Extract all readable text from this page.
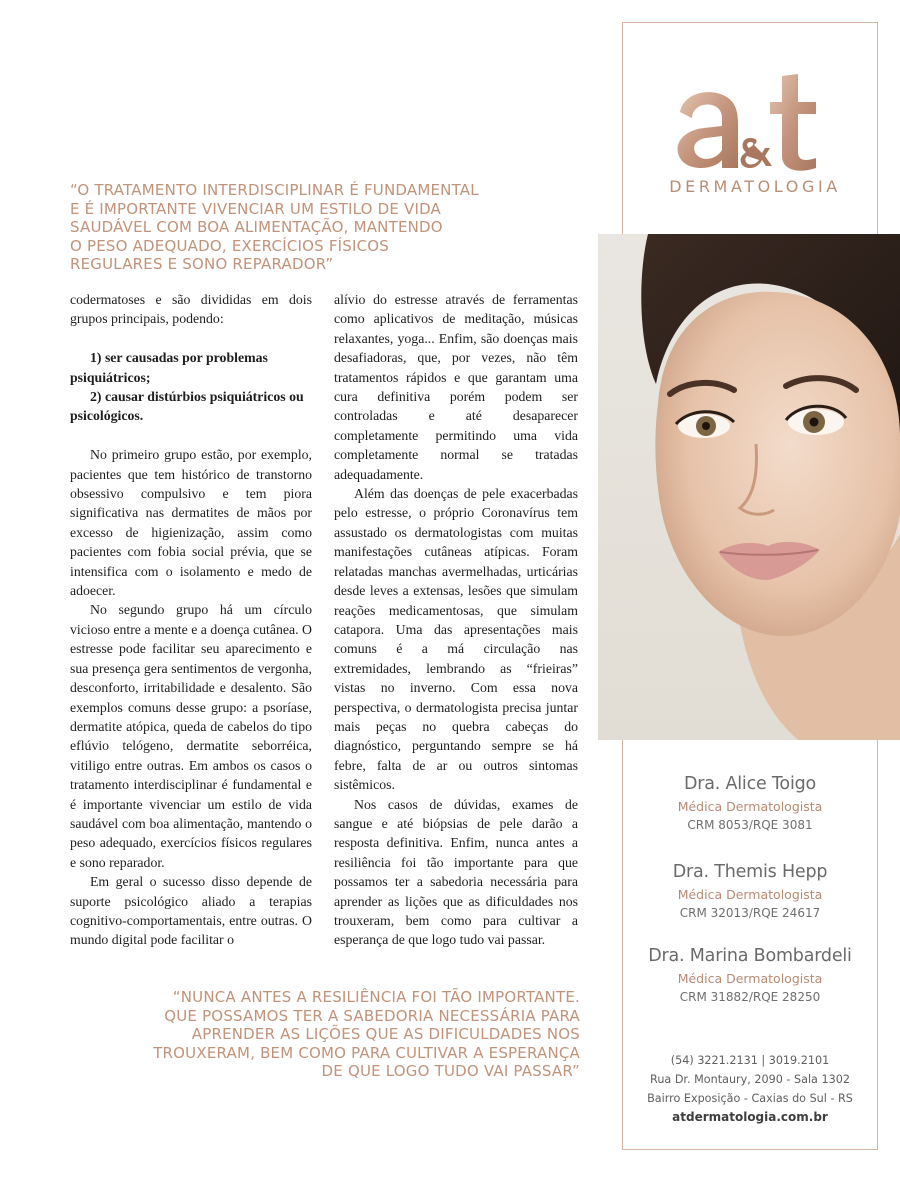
“O TRATAMENTO INTERDISCIPLINAR É FUNDAMENTAL
E É IMPORTANTE VIVENCIAR UM ESTILO DE VIDA
SAUDÁVEL COM BOA ALIMENTAÇÃO, MANTENDO
O PESO ADEQUADO, EXERCÍCIOS FÍSICOS
REGULARES E SONO REPARADOR”

codermatoses e são divididas em dois grupos principais, podendo:

1) ser causadas por problemas psiquiátricos;

2) causar distúrbios psiquiátricos ou psicológicos.

No primeiro grupo estão, por exemplo, pacientes que tem histórico de transtorno obsessivo compulsivo e tem piora significativa nas dermatites de mãos por excesso de higienização, assim como pacientes com fobia social prévia, que se intensifica com o isolamento e medo de adoecer.

No segundo grupo há um círculo vicioso entre a mente e a doença cutânea. O estresse pode facilitar seu aparecimento e sua presença gera sentimentos de vergonha, desconforto, irritabilidade e desalento. São exemplos comuns desse grupo: a psoríase, dermatite atópica, queda de cabelos do tipo eflúvio telógeno, dermatite seborréica, vitiligo entre outras. Em ambos os casos o tratamento interdisciplinar é fundamental e é importante vivenciar um estilo de vida saudável com boa alimentação, mantendo o peso adequado, exercícios físicos regulares e sono reparador.

Em geral o sucesso disso depende de suporte psicológico aliado a terapias cognitivo-comportamentais, entre outras. O mundo digital pode facilitar o

alívio do estresse através de ferramentas como aplicativos de meditação, músicas relaxantes, yoga... Enfim, são doenças mais desafiadoras, que, por vezes, não têm tratamentos rápidos e que garantam uma cura definitiva porém podem ser controladas e até desaparecer completamente permitindo uma vida completamente normal se tratadas adequadamente.

Além das doenças de pele exacerbadas pelo estresse, o próprio Coronavírus tem assustado os dermatologistas com muitas manifestações cutâneas atípicas. Foram relatadas manchas avermelhadas, urticárias desde leves a extensas, lesões que simulam reações medicamentosas, que simulam catapora. Uma das apresentações mais comuns é a má circulação nas extremidades, lembrando as “frieiras” vistas no inverno. Com essa nova perspectiva, o dermatologista precisa juntar mais peças no quebra cabeças do diagnóstico, perguntando sempre se há febre, falta de ar ou outros sintomas sistêmicos.

Nos casos de dúvidas, exames de sangue e até biópsias de pele darão a resposta definitiva. Enfim, nunca antes a resiliência foi tão importante para que possamos ter a sabedoria necessária para aprender as lições que as dificuldades nos trouxeram, bem como para cultivar a esperança de que logo tudo vai passar.

“NUNCA ANTES A RESILIÊNCIA FOI TÃO IMPORTANTE.
QUE POSSAMOS TER A SABEDORIA NECESSÁRIA PARA
APRENDER AS LIÇÕES QUE AS DIFICULDADES NOS
TROUXERAM, BEM COMO PARA CULTIVAR A ESPERANÇA
DE QUE LOGO TUDO VAI PASSAR”
DERMATOLOGIA
Dra. Alice Toigo
Médica Dermatologista
CRM 8053/RQE 3081
Dra. Themis Hepp
Médica Dermatologista
CRM 32013/RQE 24617
Dra. Marina Bombardeli
Médica Dermatologista
CRM 31882/RQE 28250
(54) 3221.2131 | 3019.2101
Rua Dr. Montaury, 2090 - Sala 1302
Bairro Exposição - Caxias do Sul - RS
atdermatologia.com.br
